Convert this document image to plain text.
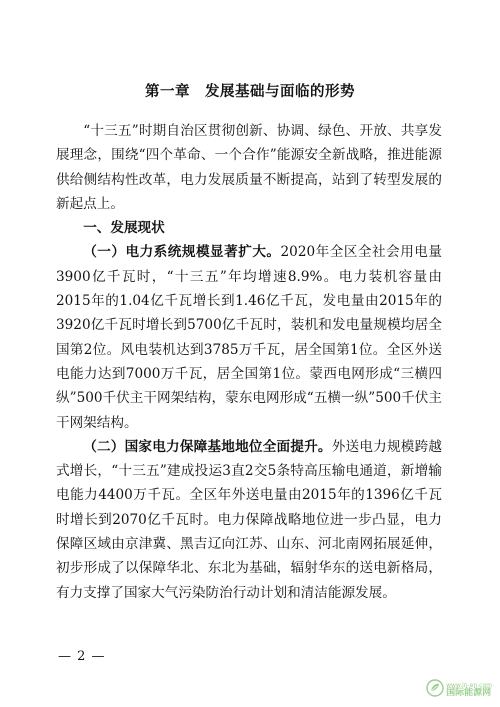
第一章　发展基础与面临的形势

“十三五”时期自治区贯彻创新、协调、绿色、开放、共享发展理念，围绕“四个革命、一个合作”能源安全新战略，推进能源供给侧结构性改革，电力发展质量不断提高，站到了转型发展的新起点上。

一、发展现状

（一）电力系统规模显著扩大。2020年全区全社会用电量3900亿千瓦时，“十三五”年均增速8.9%。电力装机容量由2015年的1.04亿千瓦增长到1.46亿千瓦，发电量由2015年的3920亿千瓦时增长到5700亿千瓦时，装机和发电量规模均居全国第2位。风电装机达到3785万千瓦，居全国第1位。全区外送电能力达到7000万千瓦，居全国第1位。蒙西电网形成“三横四纵”500千伏主干网架结构，蒙东电网形成“五横一纵”500千伏主干网架结构。

（二）国家电力保障基地地位全面提升。外送电力规模跨越式增长，“十三五”建成投运3直2交5条特高压输电通道，新增输电能力4400万千瓦。全区年外送电量由2015年的1396亿千瓦时增长到2070亿千瓦时。电力保障战略地位进一步凸显，电力保障区域由京津冀、黑吉辽向江苏、山东、河北南网拓展延伸，初步形成了以保障华北、东北为基础，辐射华东的送电新格局，有力支撑了国家大气污染防治行动计划和清洁能源发展。

— 2 —
www.in-en.com
国际能源网
